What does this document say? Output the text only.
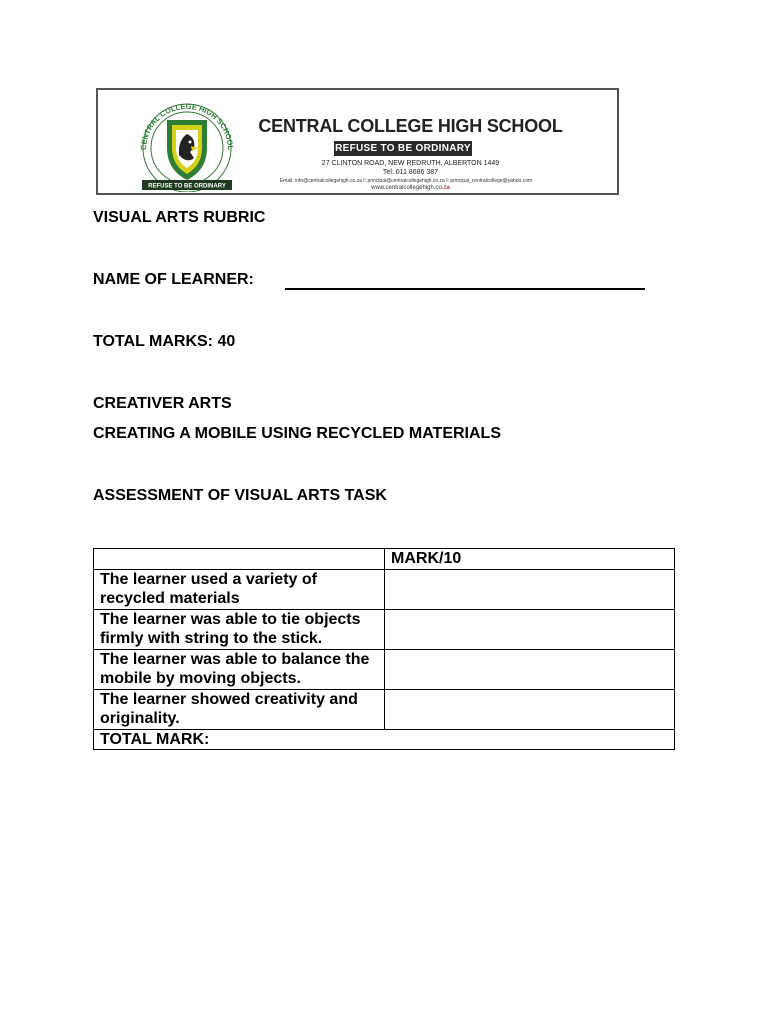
CENTRAL COLLEGE HIGH SCHOOL
REFUSE TO BE ORDINARY
CENTRAL COLLEGE HIGH SCHOOL
REFUSE TO BE ORDINARY
27 CLINTON ROAD, NEW REDRUTH, ALBERTON 1449
Tel: 011 8686 387
Email: info@centralcollegehigh.co.za I: principal@centralcollegehigh.co.za I: principal_centralcollege@yahoo.com
www.centralcollegehigh.co.za
VISUAL ARTS RUBRIC
NAME OF LEARNER:
TOTAL MARKS: 40
CREATIVER ARTS
CREATING A MOBILE USING RECYCLED MATERIALS
ASSESSMENT OF VISUAL ARTS TASK
	MARK/10
The learner used a variety of recycled materials	
The learner was able to tie objects firmly with string to the stick.	
The learner was able to balance the mobile by moving objects.	
The learner showed creativity and originality.	
TOTAL MARK:	
